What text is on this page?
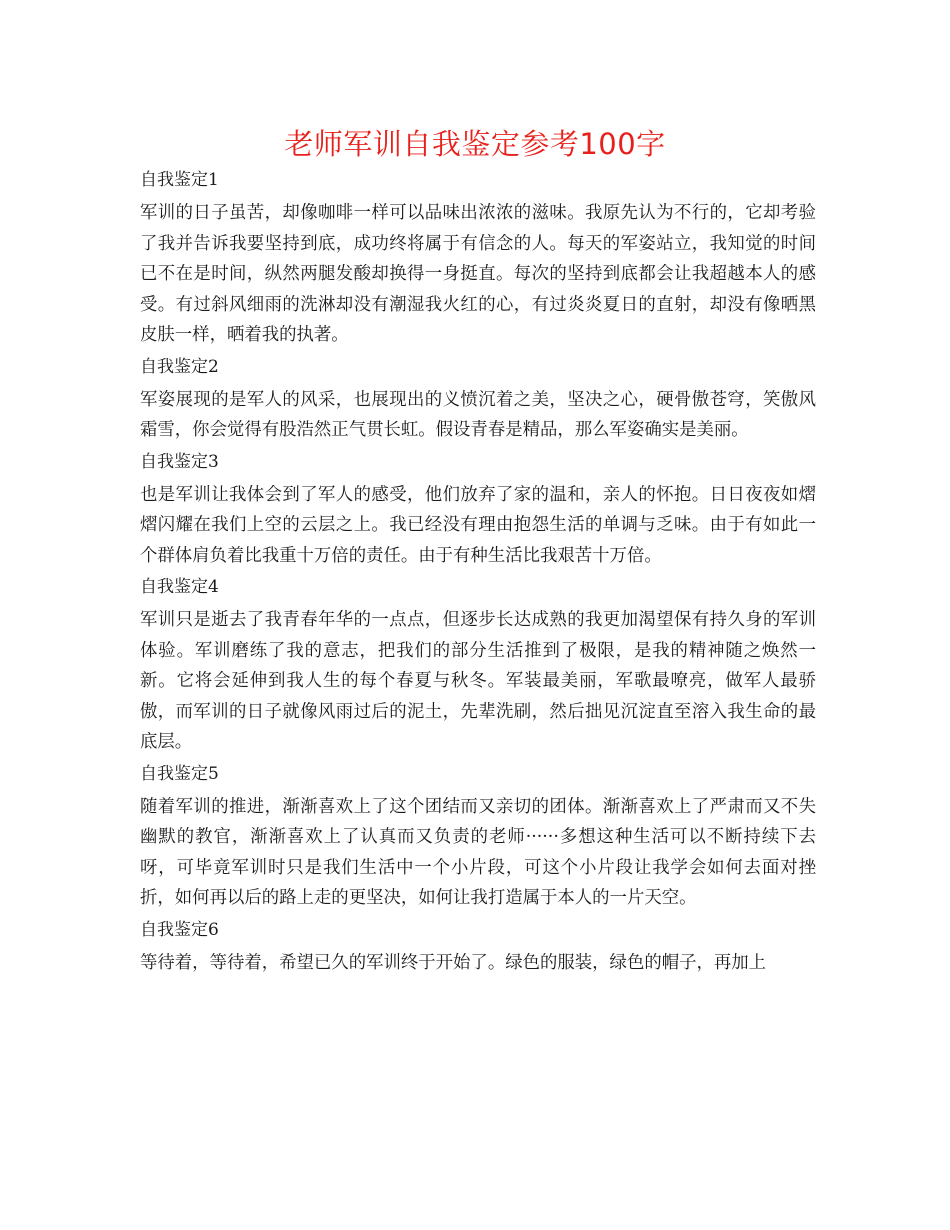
老师军训自我鉴定参考100字
自我鉴定1
军训的日子虽苦，却像咖啡一样可以品味出浓浓的滋味。我原先认为不行的，它却考验了我并告诉我要坚持到底，成功终将属于有信念的人。每天的军姿站立，我知觉的时间已不在是时间，纵然两腿发酸却换得一身挺直。每次的坚持到底都会让我超越本人的感受。有过斜风细雨的洗淋却没有潮湿我火红的心，有过炎炎夏日的直射，却没有像晒黑皮肤一样，晒着我的执著。
自我鉴定2
军姿展现的是军人的风采，也展现出的义愤沉着之美，坚决之心，硬骨傲苍穹，笑傲风霜雪，你会觉得有股浩然正气贯长虹。假设青春是精品，那么军姿确实是美丽。
自我鉴定3
也是军训让我体会到了军人的感受，他们放弃了家的温和，亲人的怀抱。日日夜夜如熠熠闪耀在我们上空的云层之上。我已经没有理由抱怨生活的单调与乏味。由于有如此一个群体肩负着比我重十万倍的责任。由于有种生活比我艰苦十万倍。
自我鉴定4
军训只是逝去了我青春年华的一点点，但逐步长达成熟的我更加渴望保有持久身的军训体验。军训磨练了我的意志，把我们的部分生活推到了极限，是我的精神随之焕然一新。它将会延伸到我人生的每个春夏与秋冬。军装最美丽，军歌最嘹亮，做军人最骄傲，而军训的日子就像风雨过后的泥土，先辈洗刷，然后拙见沉淀直至溶入我生命的最底层。
自我鉴定5
随着军训的推进，渐渐喜欢上了这个团结而又亲切的团体。渐渐喜欢上了严肃而又不失幽默的教官，渐渐喜欢上了认真而又负责的老师······多想这种生活可以不断持续下去呀，可毕竟军训时只是我们生活中一个小片段，可这个小片段让我学会如何去面对挫折，如何再以后的路上走的更坚决，如何让我打造属于本人的一片天空。
自我鉴定6
等待着，等待着，希望已久的军训终于开始了。绿色的服装，绿色的帽子，再加上
